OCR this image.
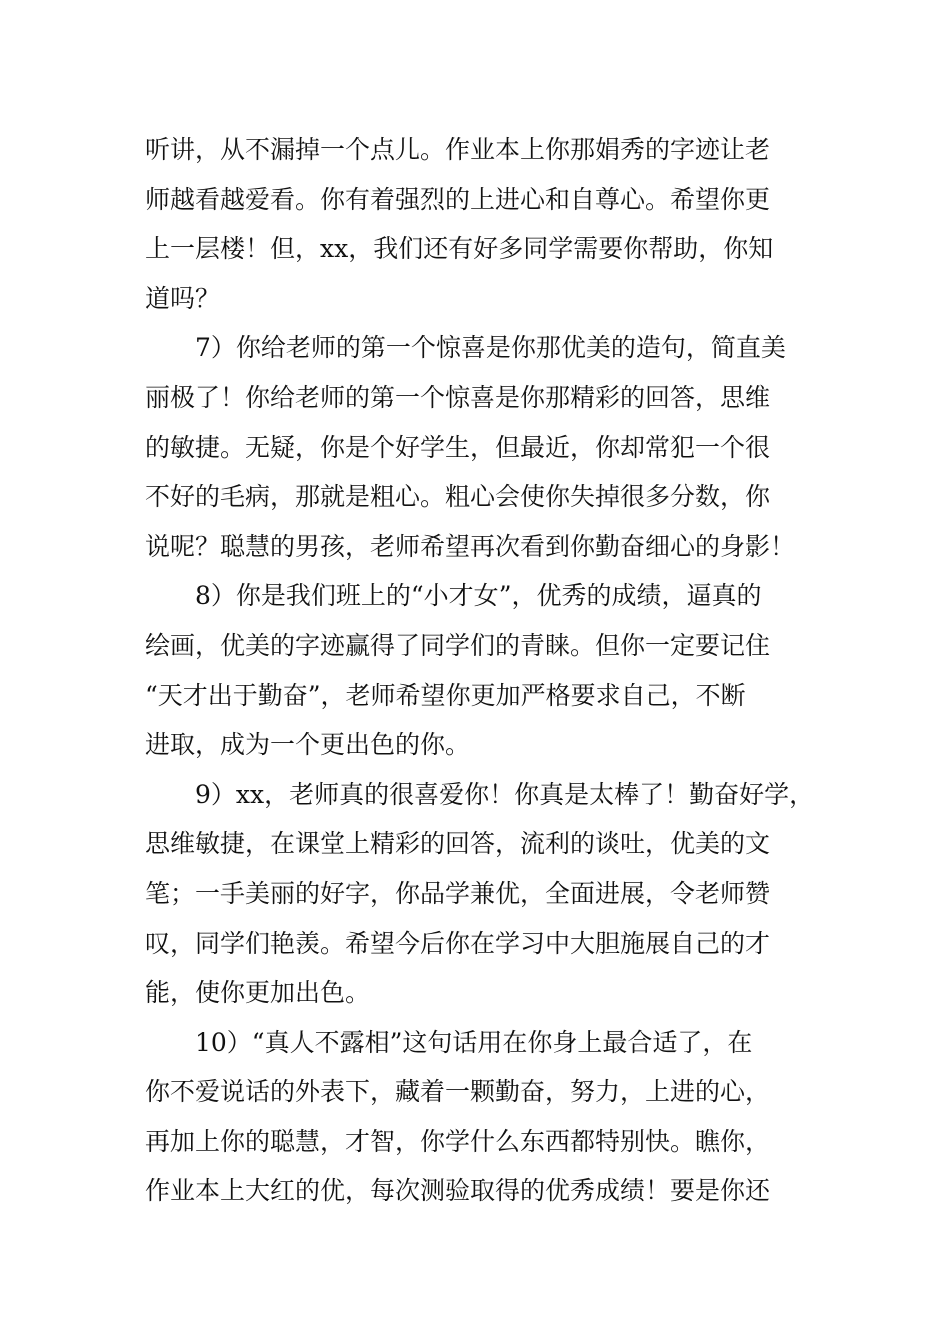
听讲，从不漏掉一个点儿。作业本上你那娟秀的字迹让老
师越看越爱看。你有着强烈的上进心和自尊心。希望你更
上一层楼！但，xx，我们还有好多同学需要你帮助，你知
道吗？
7）你给老师的第一个惊喜是你那优美的造句，简直美
丽极了！你给老师的第一个惊喜是你那精彩的回答，思维
的敏捷。无疑，你是个好学生，但最近，你却常犯一个很
不好的毛病，那就是粗心。粗心会使你失掉很多分数，你
说呢？聪慧的男孩，老师希望再次看到你勤奋细心的身影！
8）你是我们班上的“小才女”，优秀的成绩，逼真的
绘画，优美的字迹赢得了同学们的青睐。但你一定要记住
“天才出于勤奋”，老师希望你更加严格要求自己，不断
进取，成为一个更出色的你。
9）xx，老师真的很喜爱你！你真是太棒了！勤奋好学，
思维敏捷，在课堂上精彩的回答，流利的谈吐，优美的文
笔；一手美丽的好字，你品学兼优，全面进展，令老师赞
叹，同学们艳羡。希望今后你在学习中大胆施展自己的才
能，使你更加出色。
10）“真人不露相”这句话用在你身上最合适了，在
你不爱说话的外表下，藏着一颗勤奋，努力，上进的心，
再加上你的聪慧，才智，你学什么东西都特别快。瞧你，
作业本上大红的优，每次测验取得的优秀成绩！要是你还
